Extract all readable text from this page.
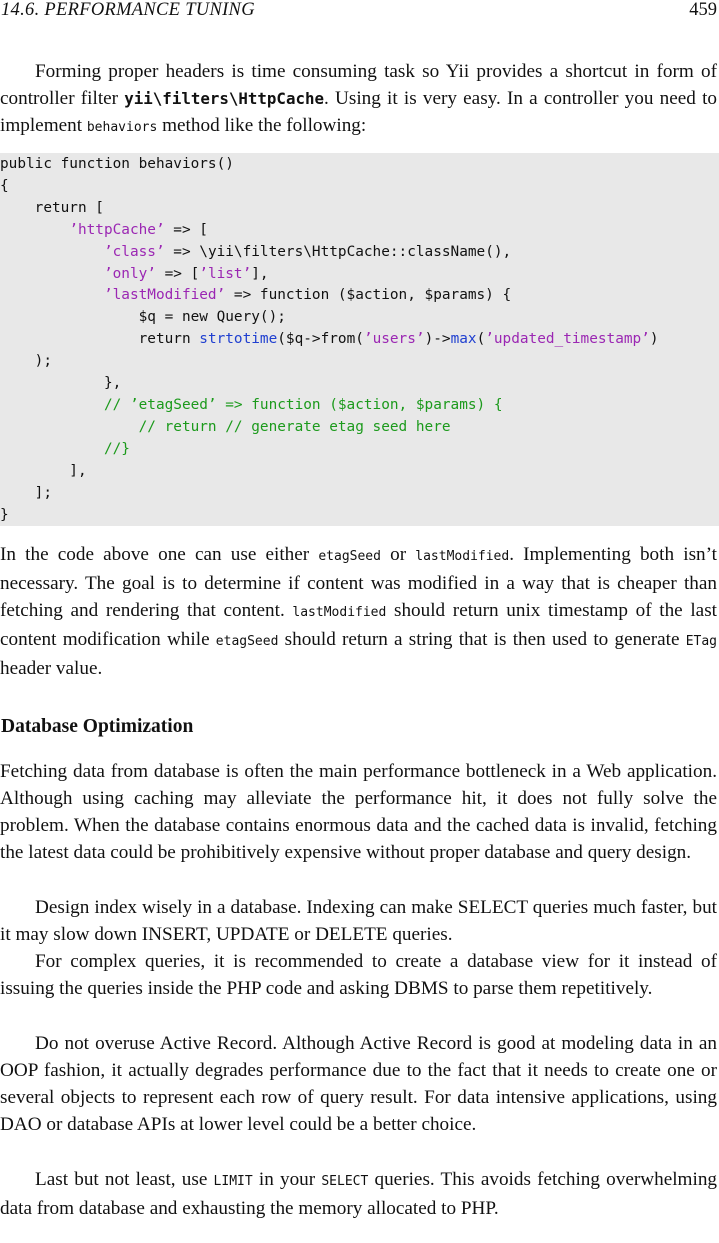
14.6. PERFORMANCE TUNING	459

Forming proper headers is time consuming task so Yii provides a shortcut in form of controller filter yii\filters\HttpCache. Using it is very easy. In a controller you need to implement behaviors method like the following:

public function behaviors()
{
return [
’httpCache’ => [
’class’ => \yii\filters\HttpCache::className(),
’only’ => [’list’],
’lastModified’ => function ($action, $params) {
$q = new Query();
return strtotime($q->from(’users’)->max(’updated_timestamp’)
);
},
// ’etagSeed’ => function ($action, $params) {
// return // generate etag seed here
//}
],
];
}

In the code above one can use either etagSeed or lastModified. Implementing both isn’t necessary. The goal is to determine if content was modified in a way that is cheaper than fetching and rendering that content. lastModified should return unix timestamp of the last content modification while etagSeed should return a string that is then used to generate ETag header value.

Database Optimization

Fetching data from database is often the main performance bottleneck in a Web application. Although using caching may alleviate the performance hit, it does not fully solve the problem. When the database contains enormous data and the cached data is invalid, fetching the latest data could be prohibitively expensive without proper database and query design.

Design index wisely in a database. Indexing can make SELECT queries much faster, but it may slow down INSERT, UPDATE or DELETE queries.

For complex queries, it is recommended to create a database view for it instead of issuing the queries inside the PHP code and asking DBMS to parse them repetitively.

Do not overuse Active Record. Although Active Record is good at modeling data in an OOP fashion, it actually degrades performance due to the fact that it needs to create one or several objects to represent each row of query result. For data intensive applications, using DAO or database APIs at lower level could be a better choice.

Last but not least, use LIMIT in your SELECT queries. This avoids fetching overwhelming data from database and exhausting the memory allocated to PHP.
